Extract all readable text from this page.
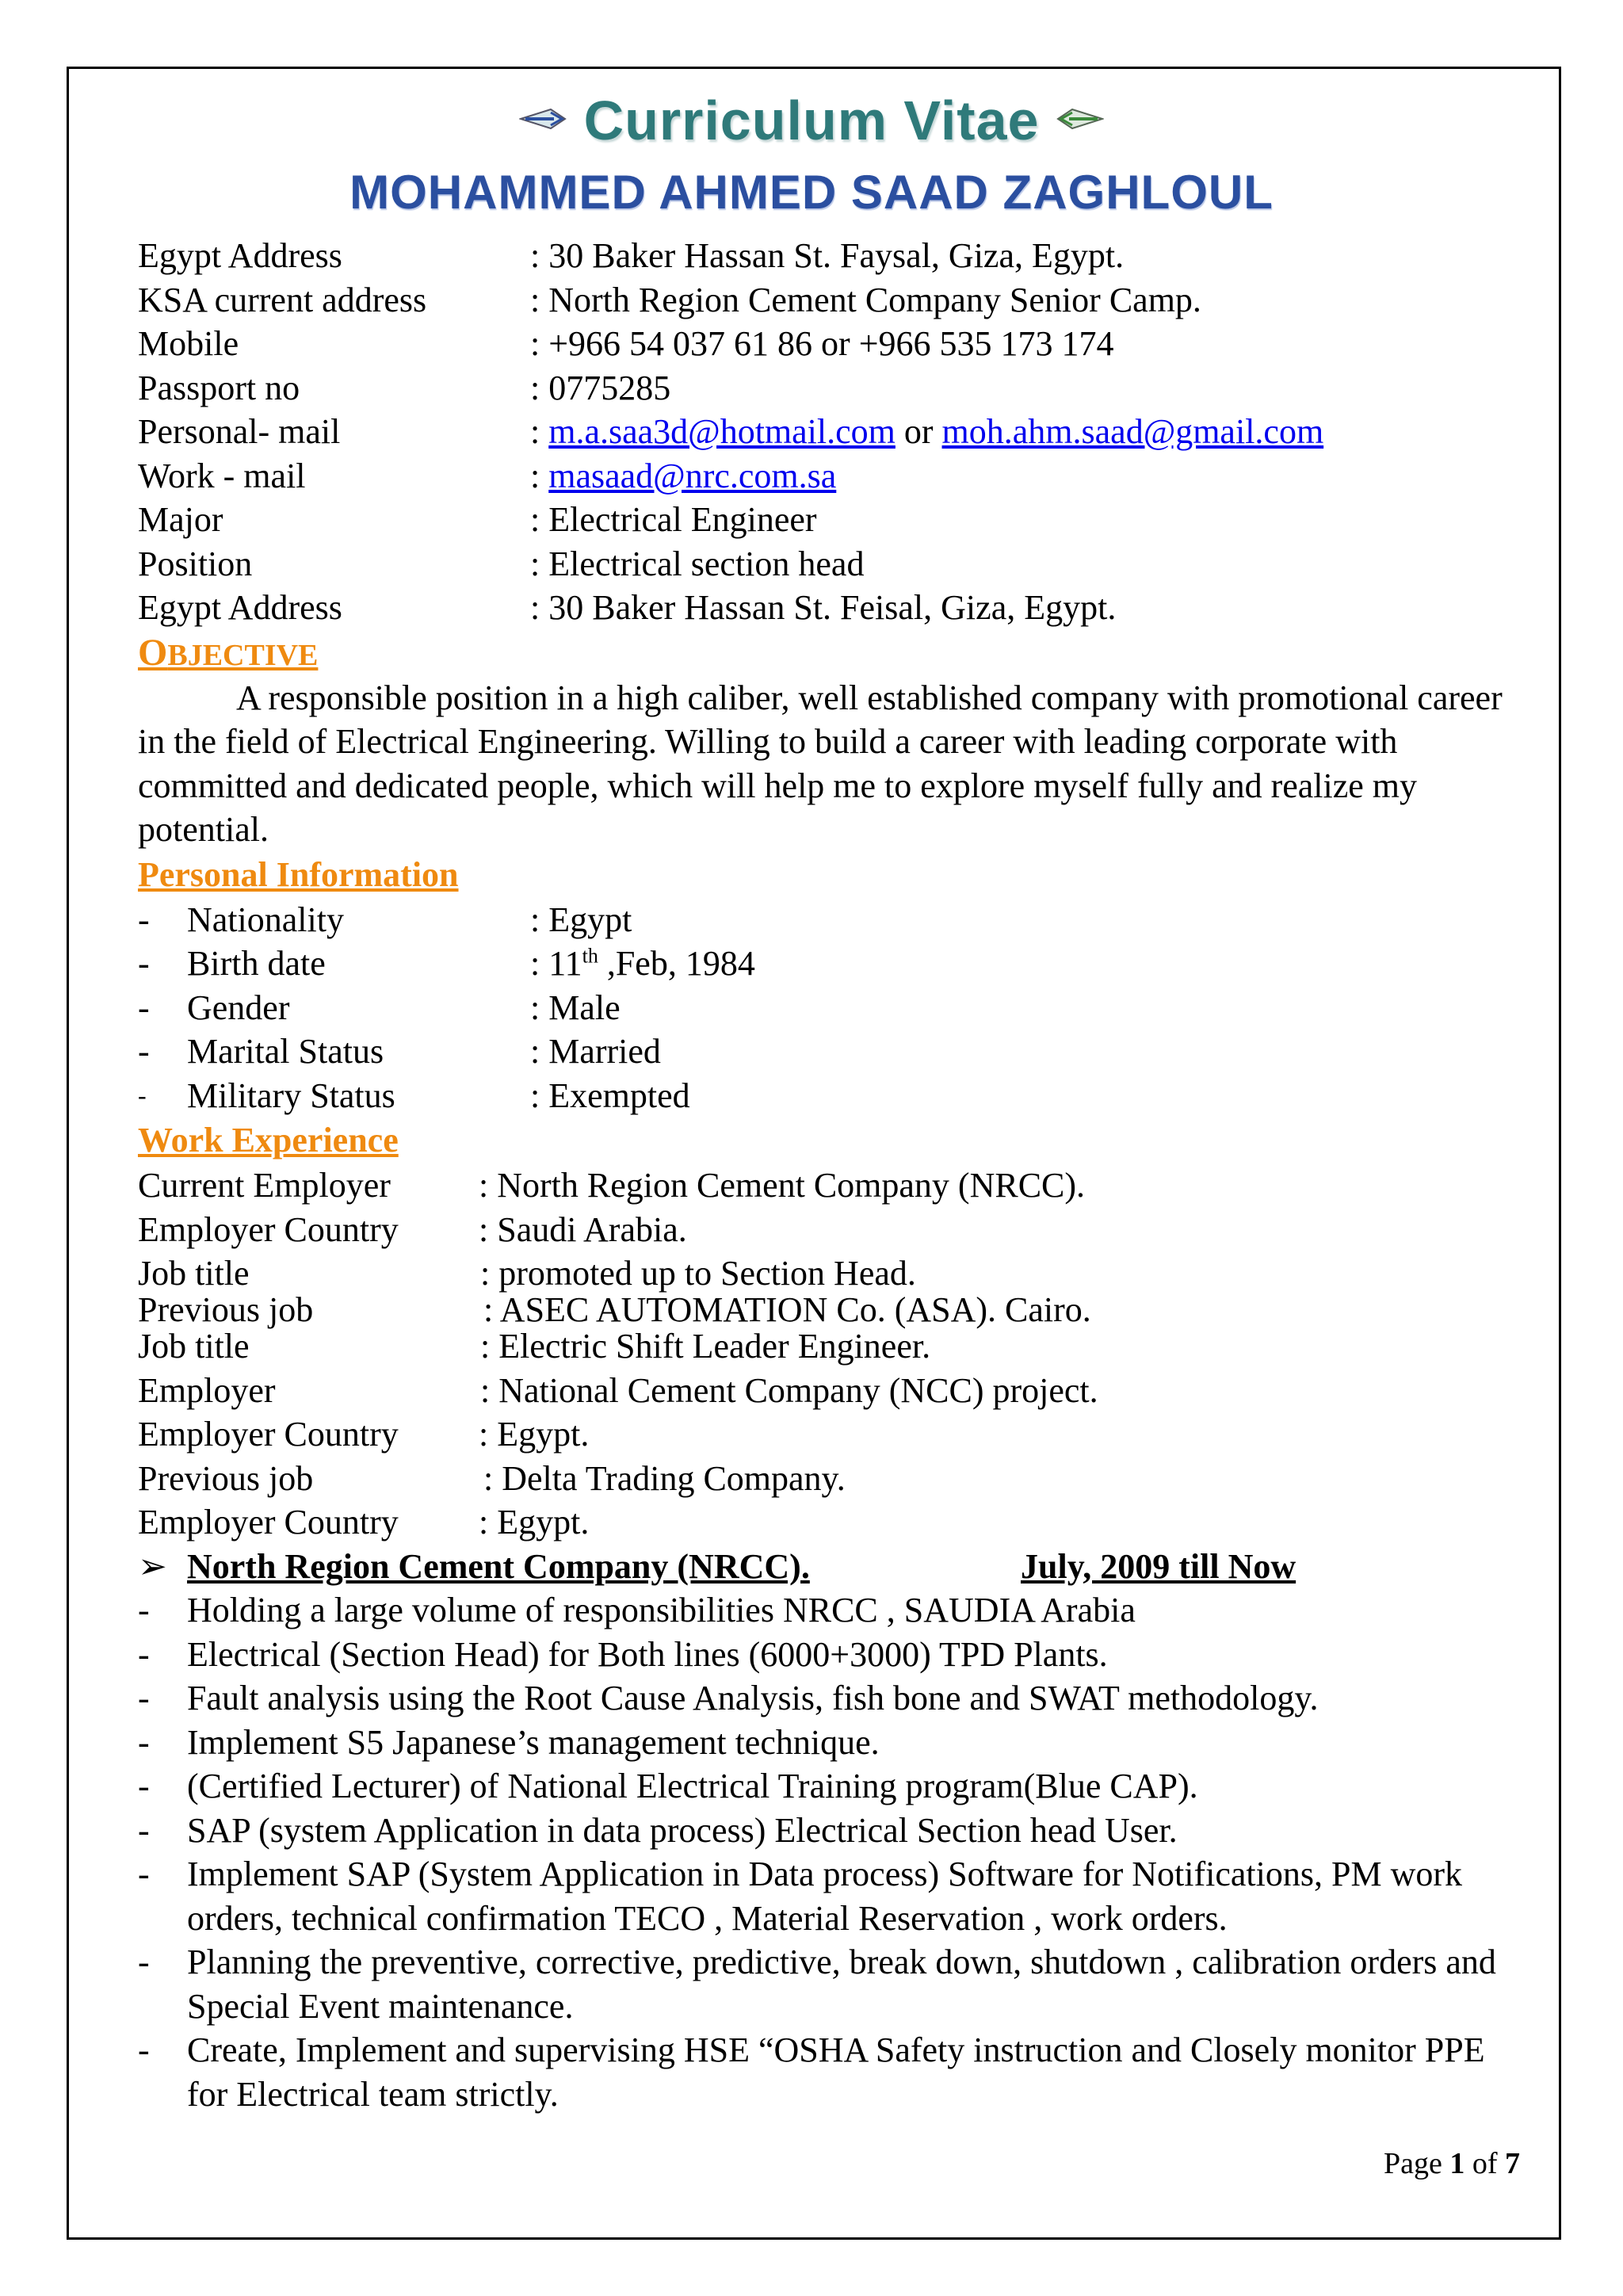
Curriculum Vitae
MOHAMMED AHMED SAAD ZAGHLOUL
Egypt Address	: 30 Baker Hassan St. Faysal, Giza, Egypt.
KSA current address	: North Region Cement Company Senior Camp.
Mobile	: +966 54 037 61 86 or +966 535 173 174
Passport no	: 0775285
Personal- mail	: m.a.saa3d@hotmail.com or moh.ahm.saad@gmail.com
Work - mail	: masaad@nrc.com.sa
Major	: Electrical Engineer
Position	: Electrical section head
Egypt Address	: 30 Baker Hassan St. Feisal, Giza, Egypt.
OBJECTIVE
A responsible position in a high caliber, well established company with promotional career in the field of Electrical Engineering. Willing to build a career with leading corporate with committed and dedicated people, which will help me to explore myself fully and realize my potential.
Personal Information
- Nationality	: Egypt
- Birth date	: 11th ,Feb, 1984
- Gender	: Male
- Marital Status	: Married
- Military Status	: Exempted
Work Experience
Current Employer	: North Region Cement Company (NRCC).
Employer Country : Saudi Arabia.
Job title	: promoted up to Section Head.
Previous job	: ASEC AUTOMATION Co. (ASA). Cairo.
Job title	: Electric Shift Leader Engineer.
Employer	: National Cement Company (NCC) project.
Employer Country : Egypt.
Previous job	: Delta Trading Company.
Employer Country : Egypt.
➢ North Region Cement Company (NRCC).	July, 2009 till Now
- Holding a large volume of responsibilities NRCC , SAUDIA Arabia
- Electrical (Section Head) for Both lines (6000+3000) TPD Plants.
- Fault analysis using the Root Cause Analysis, fish bone and SWAT methodology.
- Implement S5 Japanese’s management technique.
- (Certified Lecturer) of National Electrical Training program(Blue CAP).
- SAP (system Application in data process) Electrical Section head User.
- Implement SAP (System Application in Data process) Software for Notifications, PM work orders, technical confirmation TECO , Material Reservation , work orders.
- Planning the preventive, corrective, predictive, break down, shutdown , calibration orders and Special Event maintenance.
- Create, Implement and supervising HSE “OSHA Safety instruction and Closely monitor PPE for Electrical team strictly.
Page 1 of 7
